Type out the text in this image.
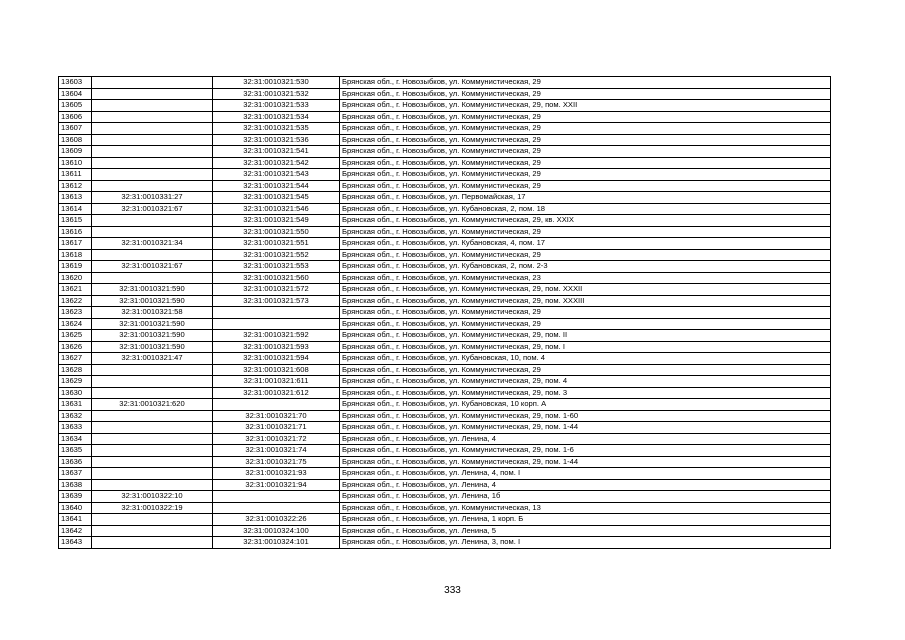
13603		32:31:0010321:530	Брянская обл., г. Новозыбков, ул. Коммунистическая, 29
13604		32:31:0010321:532	Брянская обл., г. Новозыбков, ул. Коммунистическая, 29
13605		32:31:0010321:533	Брянская обл., г. Новозыбков, ул. Коммунистическая, 29, пом. XXII
13606		32:31:0010321:534	Брянская обл., г. Новозыбков, ул. Коммунистическая, 29
13607		32:31:0010321:535	Брянская обл., г. Новозыбков, ул. Коммунистическая, 29
13608		32:31:0010321:536	Брянская обл., г. Новозыбков, ул. Коммунистическая, 29
13609		32:31:0010321:541	Брянская обл., г. Новозыбков, ул. Коммунистическая, 29
13610		32:31:0010321:542	Брянская обл., г. Новозыбков, ул. Коммунистическая, 29
13611		32:31:0010321:543	Брянская обл., г. Новозыбков, ул. Коммунистическая, 29
13612		32:31:0010321:544	Брянская обл., г. Новозыбков, ул. Коммунистическая, 29
13613	32:31:0010331:27	32:31:0010321:545	Брянская обл., г. Новозыбков, ул. Первомайская, 17
13614	32:31:0010321:67	32:31:0010321:546	Брянская обл., г. Новозыбков, ул. Кубановская, 2, пом. 18
13615		32:31:0010321:549	Брянская обл., г. Новозыбков, ул. Коммунистическая, 29, кв. XXIX
13616		32:31:0010321:550	Брянская обл., г. Новозыбков, ул. Коммунистическая, 29
13617	32:31:0010321:34	32:31:0010321:551	Брянская обл., г. Новозыбков, ул. Кубановская, 4, пом. 17
13618		32:31:0010321:552	Брянская обл., г. Новозыбков, ул. Коммунистическая, 29
13619	32:31:0010321:67	32:31:0010321:553	Брянская обл., г. Новозыбков, ул. Кубановская, 2, пом. 2-3
13620		32:31:0010321:560	Брянская обл., г. Новозыбков, ул. Коммунистическая, 23
13621	32:31:0010321:590	32:31:0010321:572	Брянская обл., г. Новозыбков, ул. Коммунистическая, 29, пом. XXXII
13622	32:31:0010321:590	32:31:0010321:573	Брянская обл., г. Новозыбков, ул. Коммунистическая, 29, пом. XXXIII
13623	32:31:0010321:58		Брянская обл., г. Новозыбков, ул. Коммунистическая, 29
13624	32:31:0010321:590		Брянская обл., г. Новозыбков, ул. Коммунистическая, 29
13625	32:31:0010321:590	32:31:0010321:592	Брянская обл., г. Новозыбков, ул. Коммунистическая, 29, пом. II
13626	32:31:0010321:590	32:31:0010321:593	Брянская обл., г. Новозыбков, ул. Коммунистическая, 29, пом. I
13627	32:31:0010321:47	32:31:0010321:594	Брянская обл., г. Новозыбков, ул. Кубановская, 10, пом. 4
13628		32:31:0010321:608	Брянская обл., г. Новозыбков, ул. Коммунистическая, 29
13629		32:31:0010321:611	Брянская обл., г. Новозыбков, ул. Коммунистическая, 29, пом. 4
13630		32:31:0010321:612	Брянская обл., г. Новозыбков, ул. Коммунистическая, 29, пом. 3
13631	32:31:0010321:620		Брянская обл., г. Новозыбков, ул. Кубановская, 10 корп. А
13632		32:31:0010321:70	Брянская обл., г. Новозыбков, ул. Коммунистическая, 29, пом. 1-60
13633		32:31:0010321:71	Брянская обл., г. Новозыбков, ул. Коммунистическая, 29, пом. 1-44
13634		32:31:0010321:72	Брянская обл., г. Новозыбков, ул. Ленина, 4
13635		32:31:0010321:74	Брянская обл., г. Новозыбков, ул. Коммунистическая, 29, пом. 1-6
13636		32:31:0010321:75	Брянская обл., г. Новозыбков, ул. Коммунистическая, 29, пом. 1-44
13637		32:31:0010321:93	Брянская обл., г. Новозыбков, ул. Ленина, 4, пом. I
13638		32:31:0010321:94	Брянская обл., г. Новозыбков, ул. Ленина, 4
13639	32:31:0010322:10		Брянская обл., г. Новозыбков, ул. Ленина, 1б
13640	32:31:0010322:19		Брянская обл., г. Новозыбков, ул. Коммунистическая, 13
13641		32:31:0010322:26	Брянская обл., г. Новозыбков, ул. Ленина, 1 корп. Б
13642		32:31:0010324:100	Брянская обл., г. Новозыбков, ул. Ленина, 5
13643		32:31:0010324:101	Брянская обл., г. Новозыбков, ул. Ленина, 3, пом. I
333
